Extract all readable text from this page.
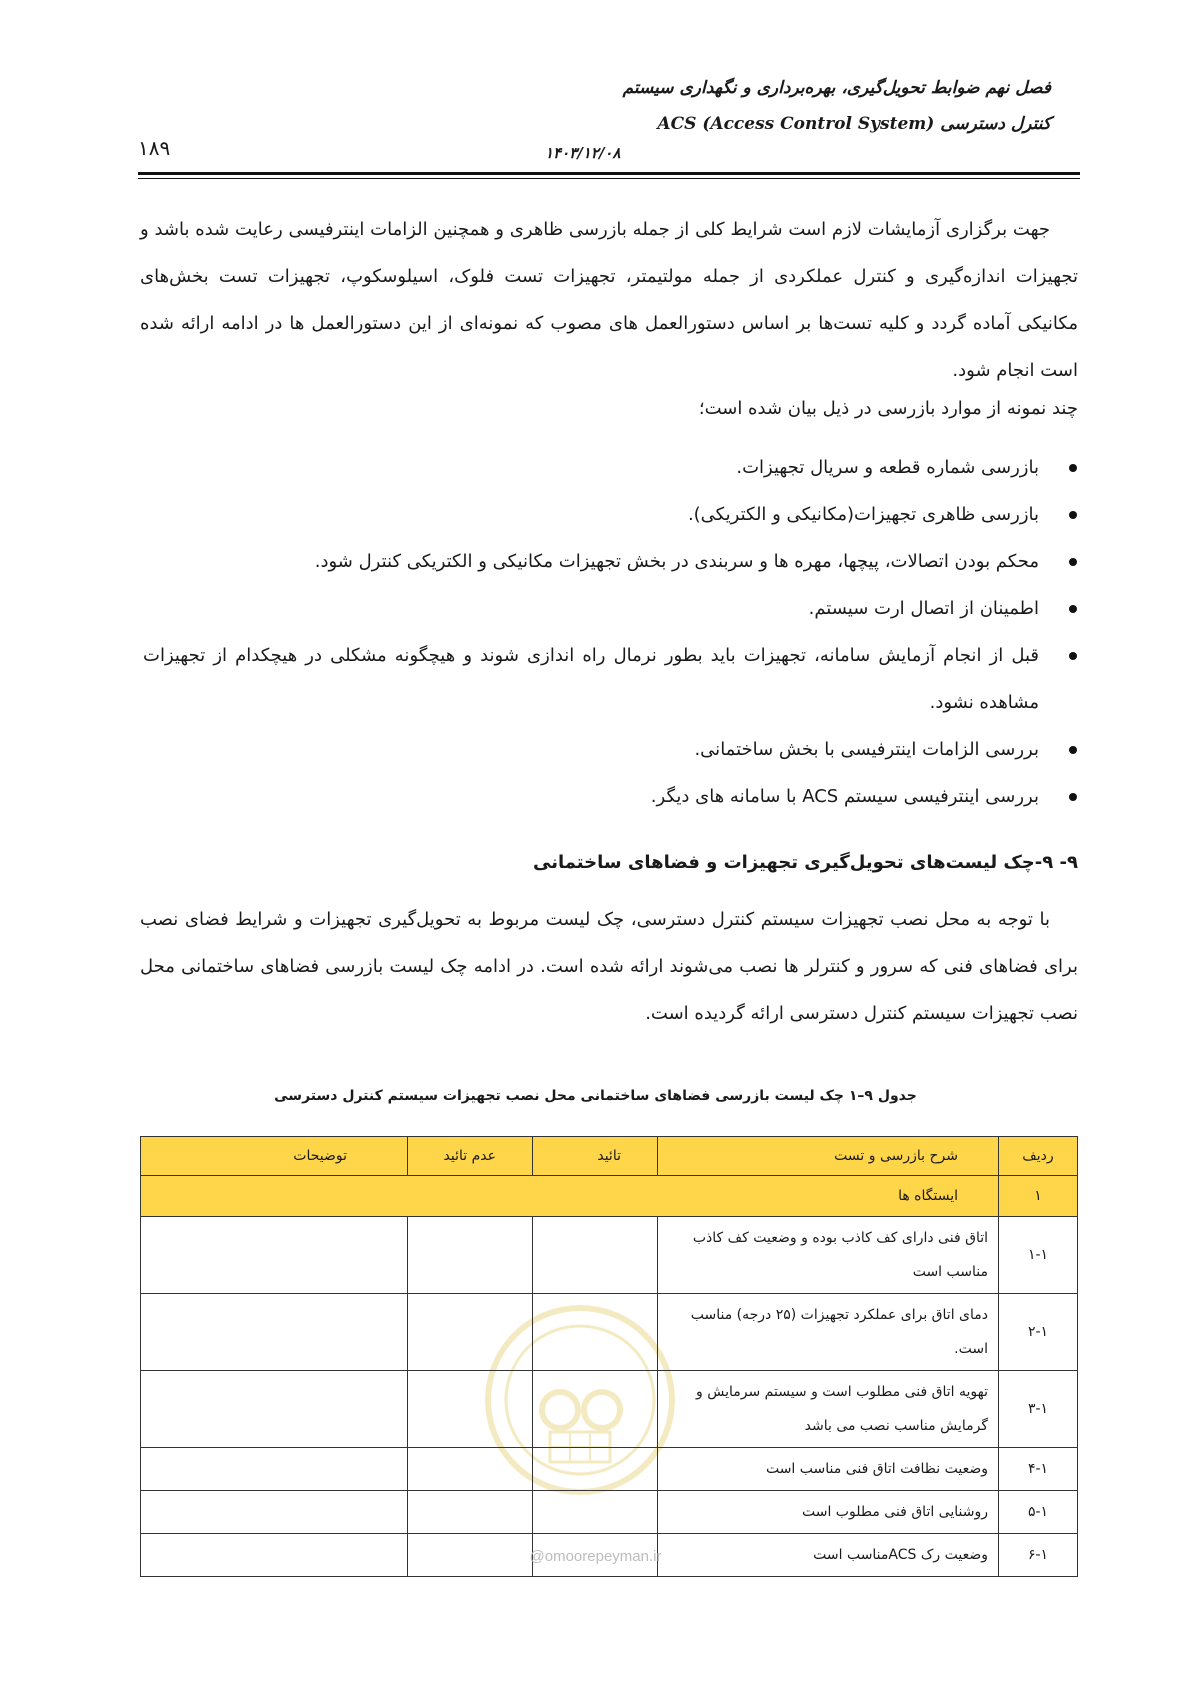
فصل نهم ضوابط تحویل‌گیری، بهره‌برداری و نگهداری سیستم
کنترل دسترسی ACS (Access Control System)
۱۴۰۳/۱۲/۰۸
۱۸۹
جهت برگزاری آزمایشات لازم است شرایط کلی از جمله بازرسی ظاهری و همچنین الزامات اینترفیسی رعایت شده باشد و تجهیزات اندازه‌گیری و کنترل عملکردی از جمله مولتیمتر، تجهیزات تست فلوک، اسیلوسکوپ، تجهیزات تست بخش‌های مکانیکی آماده گردد و کلیه تست‌ها بر اساس دستورالعمل های مصوب که نمونه‌ای از این دستورالعمل ها در ادامه ارائه شده است انجام شود.
چند نمونه از موارد بازرسی در ذیل بیان شده است؛
بازرسی شماره قطعه و سریال تجهیزات.
بازرسی ظاهری تجهیزات(مکانیکی و الکتریکی).
محکم بودن اتصالات، پیچها، مهره ها و سربندی در بخش تجهیزات مکانیکی و الکتریکی کنترل شود.
اطمینان از اتصال ارت سیستم.
قبل از انجام آزمایش سامانه، تجهیزات باید بطور نرمال راه اندازی شوند و هیچگونه مشکلی در هیچکدام از تجهیزات مشاهده نشود.
بررسی الزامات اینترفیسی با بخش ساختمانی.
بررسی اینترفیسی سیستم ACS با سامانه های دیگر.
۹- ۹-چک لیست‌های تحویل‌گیری تجهیزات و فضاهای ساختمانی
با توجه به محل نصب تجهیزات سیستم کنترل دسترسی، چک لیست مربوط به تحویل‌گیری تجهیزات و شرایط فضای نصب برای فضاهای فنی که سرور و کنترلر ها نصب می‌شوند ارائه شده است. در ادامه چک لیست بازرسی فضاهای ساختمانی محل نصب تجهیزات سیستم کنترل دسترسی ارائه گردیده است.
جدول ۹–۱ چک لیست بازرسی فضاهای ساختمانی محل نصب تجهیزات سیستم کنترل دسترسی
ردیف	شرح بازرسی و تست	تائید	عدم تائید	توضیحات
۱	ایستگاه ها			
۱-۱	اتاق فنی دارای کف کاذب بوده و وضعیت کف کاذب مناسب است			
۲-۱	دمای اتاق برای عملکرد تجهیزات (۲۵ درجه) مناسب است.			
۳-۱	تهویه اتاق فنی مطلوب است و سیستم سرمایش و گرمایش مناسب نصب می باشد			
۴-۱	وضعیت نظافت اتاق فنی مناسب است			
۵-۱	روشنایی اتاق فنی مطلوب است			
۶-۱	وضعیت رک ACSمناسب است			
@omoorepeyman.ir
